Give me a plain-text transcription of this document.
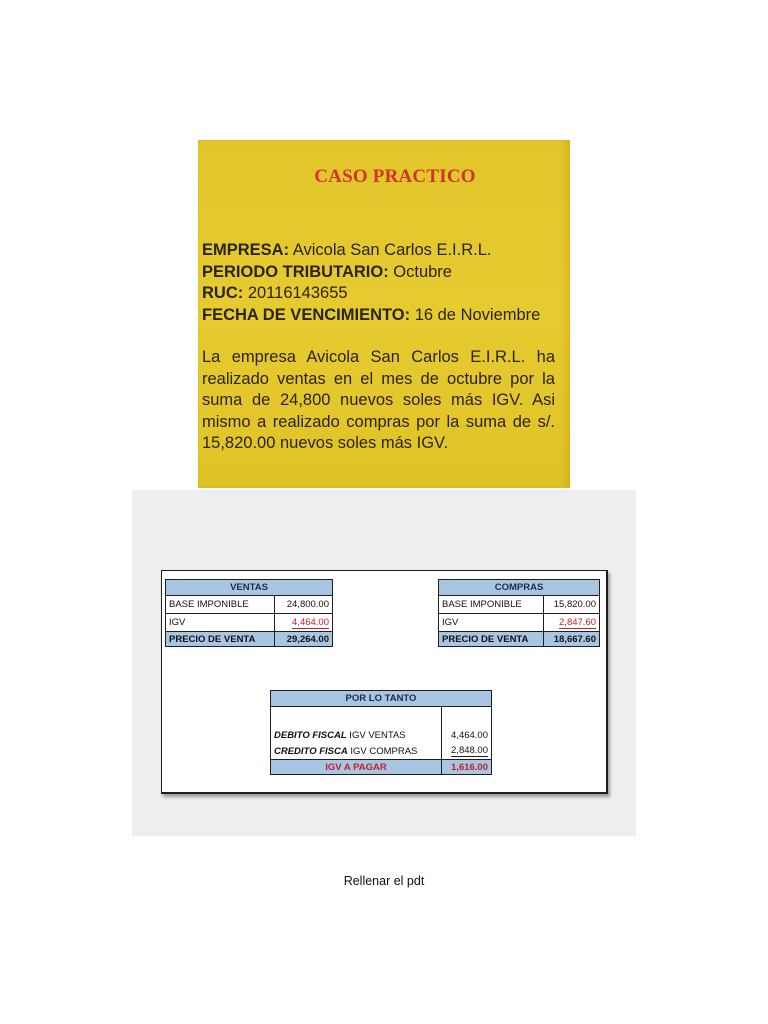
CASO PRACTICO
EMPRESA: Avicola San Carlos E.I.R.L.
PERIODO TRIBUTARIO: Octubre
RUC: 20116143655
FECHA DE VENCIMIENTO: 16 de Noviembre
La empresa Avicola San Carlos E.I.R.L. ha realizado ventas en el mes de octubre por la suma de 24,800 nuevos soles más IGV. Asi mismo a realizado compras por la suma de s/. 15,820.00 nuevos soles más IGV.
VENTAS	
BASE IMPONIBLE	24,800.00
IGV	4,464.00
PRECIO DE VENTA	29,264.00
COMPRAS	
BASE IMPONIBLE	15,820.00
IGV	2,847.60
PRECIO DE VENTA	18,667.60
POR LO TANTO	

DEBITO FISCAL IGV VENTAS	4,464.00
CREDITO FISCA IGV COMPRAS	2,848.00
IGV A PAGAR	1,616.00
Rellenar el pdt
